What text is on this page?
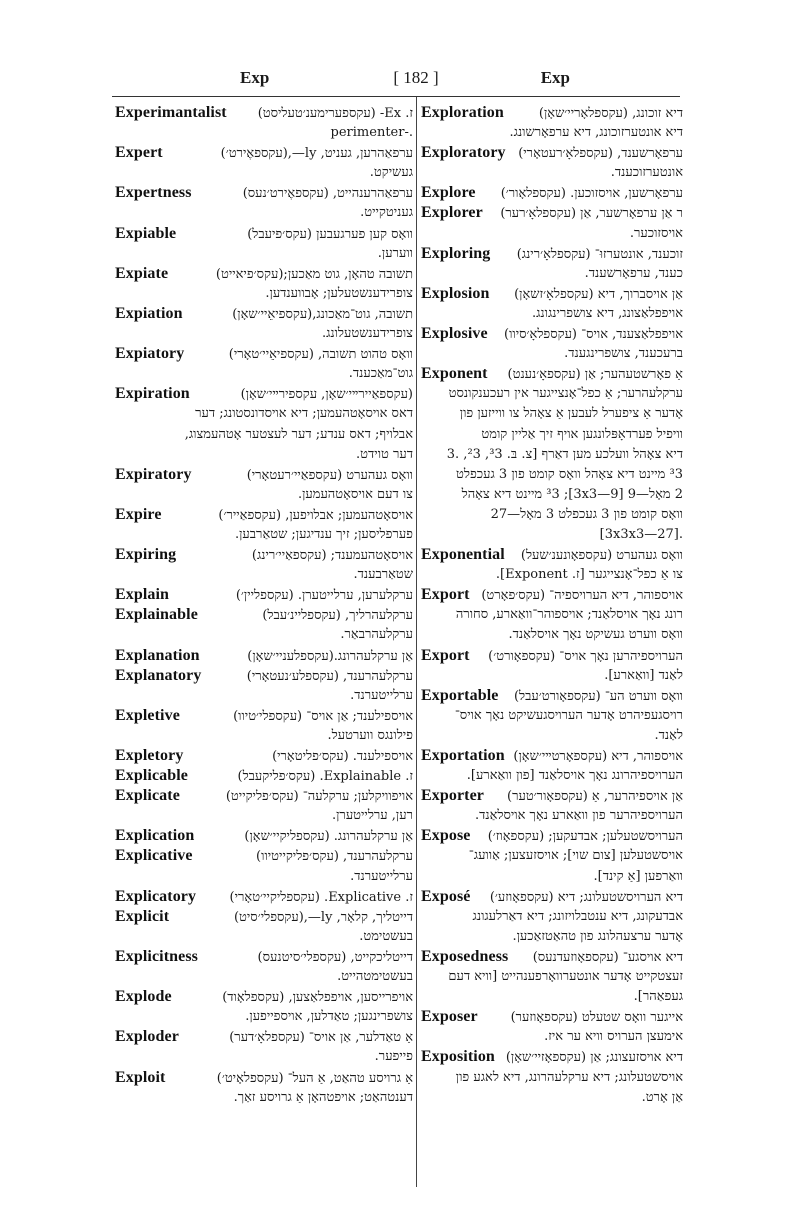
Exp	[ 182 ]	Exp
Experimantalist	ז. Ex- (עקספערימענ׳טעליסט)
.-perimenter
Expert	ערפאַהרען, געניט, ly—,(עקספאֶירט׳)
געשיקט.
Expertness	ערפאַהרענהייט, (עקספאֶירט׳נעס)
געניטקייט.
Expiable	וואָס קען פערגעבען (עקס׳פיעבל)
ווערען.
Expiate	תשובה טהאָן, גוט מאַכען;(עקס׳פיאייט)
צופרידענשטעלען; אָבווענדען.
Expiation	תשובה, גוט־מאַכונג,(עקספיאֵיי׳שאָן)
צופרידענשטעלונג.
Expiatory	וואָס טהוט תשובה, (עקספיאֵיי׳טאָרי)
גוט־מאַכענד.
Expiration	(עקספאַיירײי׳שאָן, עקספירײי׳שאָן)
דאס אויסאָטהעמען; דיא אויסדונסטונג; דער
אבלויף; דאס ענדע; דער לעצטער אָטהעמצוג,
דער טוידט.
Expiratory	וואָס געהערט (עקספאַיי׳רעטאָרי)
צו דעם אויסאָטהעמען.
Expire	אויסאָטהעמען; אבלויפען, (עקספאַייר׳)
פערפליסען; זיך ענדיגען; שטאַרבען.
Expiring	אויסאָטהעמענד; (עקספאַיי׳רינג)
שטאַרבענד.
Explain	ערקלערען, ערלייטערן. (עקספליין׳)
Explainable	ערקלעהרליך, (עקספליינ׳עבל)
ערקלעהרבאַר.
Explanation	אַן ערקלעהרונג.(עקספלעניי׳שאָן)
Explanatory	ערקלעהרענד, (עקספלע׳נעטאָרי)
ערלייטערנד.
Expletive	אויספילענד; אַן אויס־ (עקספלי׳טיוו)
פילונגס ווערטעל.
Expletory	אויספילענד. (עקס׳פליטאָרי)
Explicable	ז. Explainable. (עקס׳פליקעבל)
Explicate	אויפוויקלען; ערקלעה־ (עקס׳פליקייט)
רען, ערלייטערן.
Explication	אַן ערקלעהרונג. (עקספליקיי׳שאָן)
Explicative	ערקלעהרענד, (עקס׳פליקייטיוו)
ערלייטערנד.
Explicatory	ז. Explicative. (עקספליקיי׳טאָרי)
Explicit	דייטליך, קלאָר, ly—,(עקספלי׳סיט)
בעשטימט.
Explicitness	דייטליכקייט, (עקספלי׳סיטנעס)
בעשטימטהייט.
Explode	אויפרייסען, אויפפלאַצען, (עקספלאָוד)
צושפרינגען; טאַדלען, אויספייפען.
Exploder	אַ טאַדלער, אַן אויס־ (עקספלאָ׳דער)
פייפער.
Exploit	אַ גרויסע טהאַט, אַ העל־ (עקספלאָיט׳)
דענטהאַט; אויפטהאָן אַ גרויסע זאַך.
Exploration	דיא זוכונג, (עקספלאָריי׳שאָן)
דיא אונטערזוכונג, דיא ערפאָרשונג.
Exploratory ערפאָרשענד, (עקספלאָ׳רעטאָרי)
אונטערזוכענד.
Explore	ערפאָרשען, אויסזוכען. (עקספלאָור׳)
Explorer	ר אַן ערפאָרשער, אַן (עקספלאָ׳רער)
אויסזוכער.
Exploring	זוכענד, אונטערזוּ־ (עקספלאָ׳רינג)
כענד, ערפאָרשענד.
Explosion	אַן אויסברוך, דיא (עקספלאָ׳זשאָן)
אויפפלאַצונג, דיא צושפרינגונג.
Explosive	אויפפלאַצענד, אויס־ (עקספלאָ׳סיוו)
ברעכענד, צושפרינגענד.
Exponent	אַ פאָרשטעהער; אַן (עקספאָ׳נענט)
ערקלעהרער; אַ כפל־אָנצייגער אין רעכענקונסט
אָדער אַ ציפערל לעבען אַ צאָהל צו ווייזען פון
וויפיל פערדאָפּלונגען אויף זיך אַליין קומט
דיא צאָהל וועלכע מען דאַרף [צ. בּ. ³3, ²3, .3
³3 מיינט דיא צאָהל וואָס קומט פון 3 געכפלט
2 מאָל—9 [3x3—9]; ³3 מיינט דיא צאָהל
וואָס קומט פון 3 געכפלט 3 מאָל—27
.[3x3x3—27]
Exponential	וואָס געהערט (עקספאָונענ׳שעל)
צו אַ כפל־אָנצייגער [ז. Exponent].
Export אויספוהר, דיא הערויספיה־ (עקס׳פאָרט)
רונג נאָך אויסלאַנד; אויספוהר־וואַארע, סחורה
וואָס ווערט געשיקט נאָך אויסלאַנד.
Export	הערויספיהרען נאָך אויס־ (עקספאָורט׳)
לאַנד [וואַארע].
Exportable	וואָס ווערט הע־ (עקספאָורט׳עבל)
רויסגעפיהרט אָדער הערויסגעשיקט נאָך אויס־
לאַנד.
Exportation אויספוהר, דיא (עקספאָרטײי׳שאָן)
הערויספיהרונג נאָך אויסלאַנד [פון וואַארע].
Exporter	אַן אויספיהרער, אַ (עקספאָור׳טער)
הערויספיהרער פון וואַארע נאָך אויסלאַנד.
Expose	הערויסשטעלען; אבדעקען; (עקספאָוז׳)
אויסשטעלען [צום שוי]; אויסזעצען; אַוועג־
וואַרפען [אַ קינד].
Exposé	דיא הערויסשטעלונג; דיא (עקספאָוזע׳)
אבדעקונג, דיא ענטבלויזונג; דיא דאַרלעגונג
אָדער ערצעהלונג פון טהאַטזאַכען.
Exposedness	דיא אויסגע־ (עקספאָוזעדנעס)
זעצטקייט אָדער אונטערוואָרפענהייט [וויא דעם
געפאַהר].
Exposer	אייגער וואָס שטעלט (עקספאָוזער)
אימעצן הערויס וויא ער איז.
Exposition דיא אויסזעצונג; אַן (עקספאָזיי׳שאָן)
אויסשטעלונג; דיא ערקלעהרונג, דיא לאגע פון
אַן אָרט.
